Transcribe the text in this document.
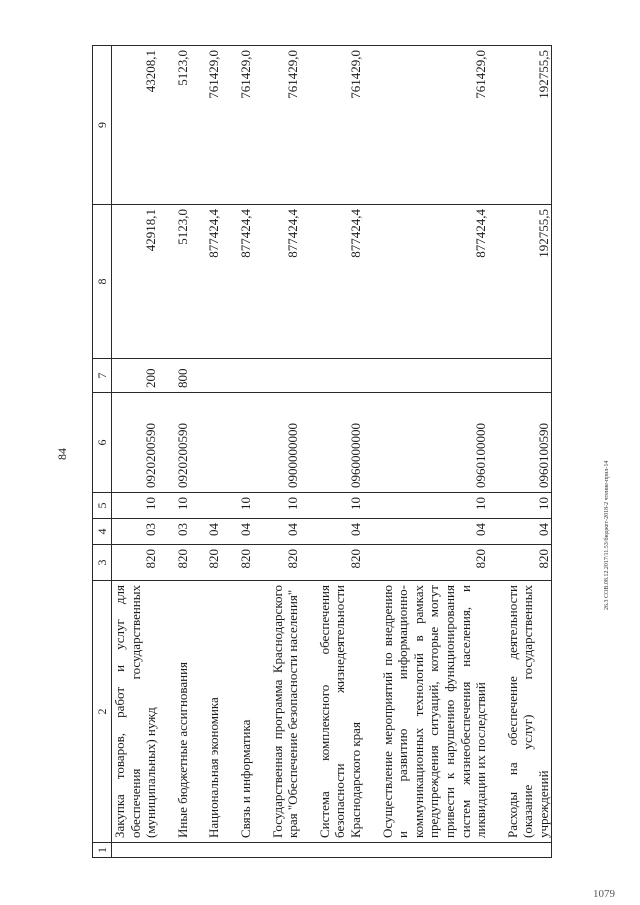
84
1	2	3	4	5	6	7	8	9
	Закупка товаров, работ и услуг для обеспечения государственных (муниципальных) нужд	820	03	10	0920200590	200	42918,1	43208,1

	Иные бюджетные ассигнования	820	03	10	0920200590	800	5123,0	5123,0

	Национальная экономика	820	04				877424,4	761429,0

	Связь и информатика	820	04	10			877424,4	761429,0

	Государственная программа Краснодарского края "Обеспечение безопасности населения"	820	04	10	0900000000		877424,4	761429,0

	Система комплексного обеспечения безопасности жизнедеятельности Краснодарского края	820	04	10	0960000000		877424,4	761429,0

	Осуществление мероприятий по внедрению и развитию информационно-коммуникационных технологий в рамках предупреждения ситуаций, которые могут привести к нарушению функционирования систем жизнеобеспечения населения, и ликвидации их последствий	820	04	10	0960100000		877424,4	761429,0

	Расходы на обеспечение деятельности (оказание услуг) государственных учреждений	820	04	10	0960100590		192755,5	192755,5
26.3 СОВ.08.12.2017/11.53/бюджет-2018-2 чтение-прил-14
1079
